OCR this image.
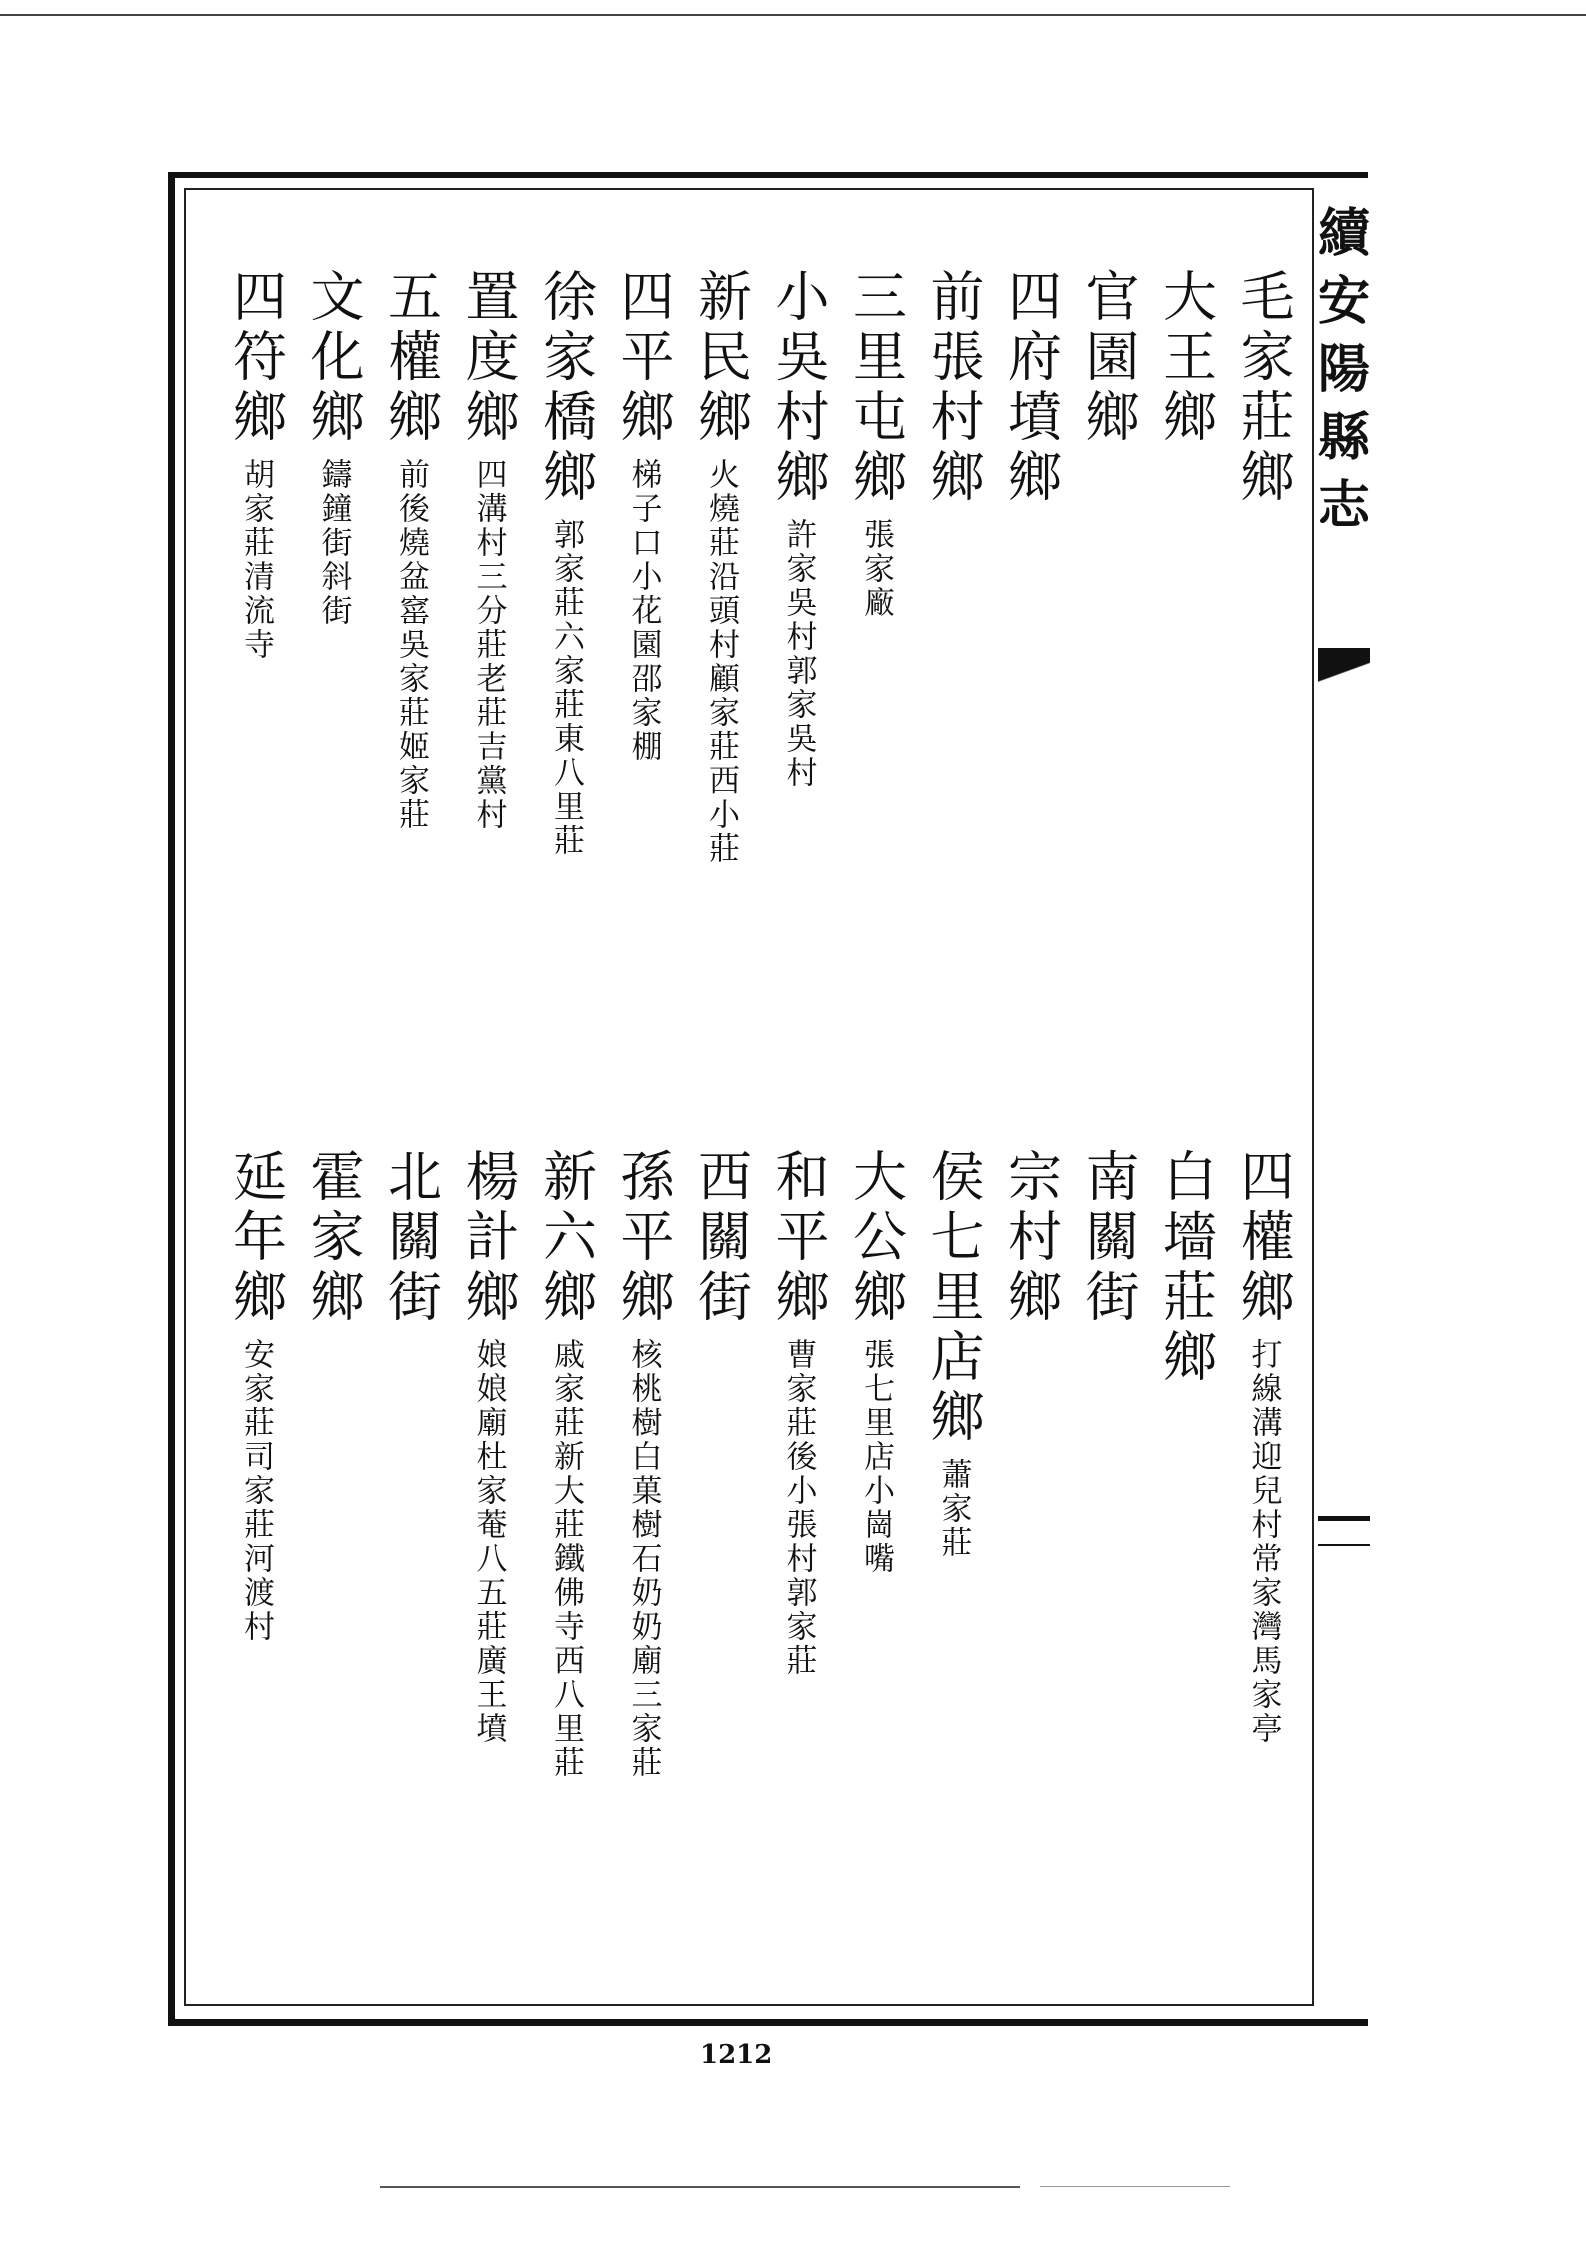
續
安
陽
縣
志
毛家莊鄉
大王鄉
官園鄉
四府墳鄉
前張村鄉
三里屯鄉
張家廠
小吳村鄉
許家吳村郭家吳村
新民鄉
火燒莊沿頭村顧家莊西小莊
四平鄉
梯子口小花園邵家棚
徐家橋鄉
郭家莊六家莊東八里莊
置度鄉
四溝村三分莊老莊吉黨村
五權鄉
前後燒盆窰吳家莊姬家莊
文化鄉
鑄鐘街斜街
四符鄉
胡家莊清流寺
四權鄉
打線溝迎兒村常家灣馬家亭
白墻莊鄉
南關街
宗村鄉
侯七里店鄉
蕭家莊
大公鄉
張七里店小崗嘴
和平鄉
曹家莊後小張村郭家莊
西關街
孫平鄉
核桃樹白菓樹石奶奶廟三家莊
新六鄉
戚家莊新大莊鐵佛寺西八里莊
楊計鄉
娘娘廟杜家菴八五莊廣王墳
北關街
霍家鄉
延年鄉
安家莊司家莊河渡村
1212
